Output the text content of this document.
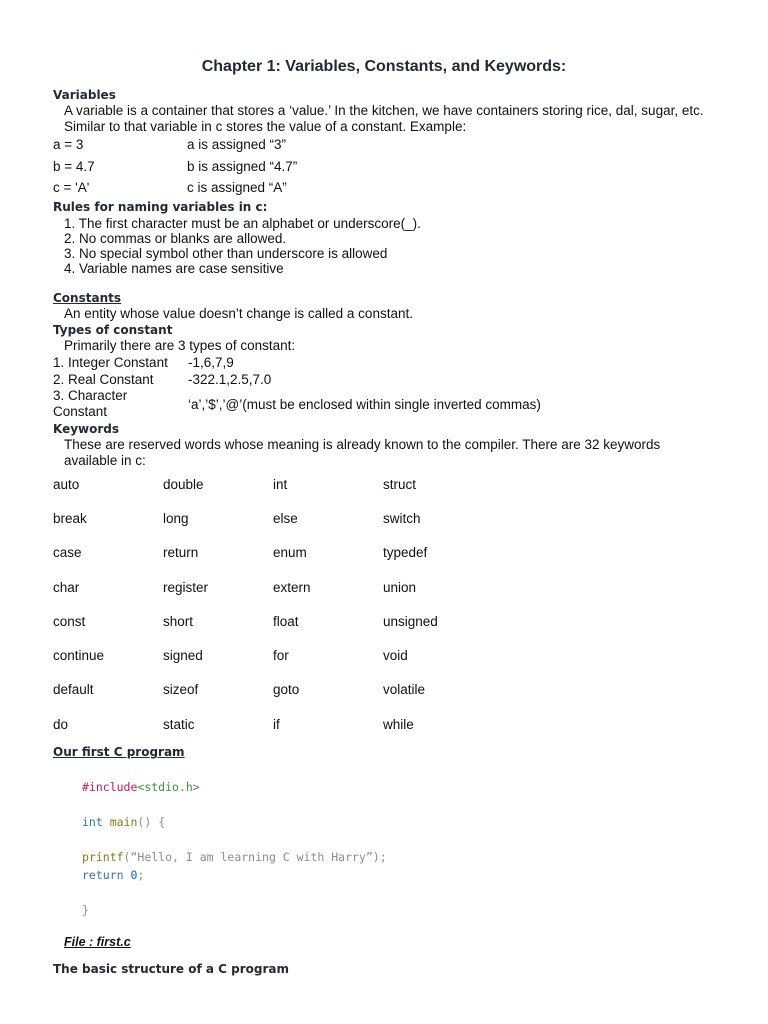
Chapter 1: Variables, Constants, and Keywords:
Variables
A variable is a container that stores a ‘value.’ In the kitchen, we have containers storing rice, dal, sugar, etc. Similar to that variable in c stores the value of a constant. Example:
a = 3	a is assigned “3”
b = 4.7	b is assigned “4.7”
c = 'A'	c is assigned “A”
Rules for naming variables in c:
1. The first character must be an alphabet or underscore(_).
2. No commas or blanks are allowed.
3. No special symbol other than underscore is allowed
4. Variable names are case sensitive
Constants
An entity whose value doesn’t change is called a constant.
Types of constant
Primarily there are 3 types of constant:
1. Integer Constant -1,6,7,9
2. Real Constant	-322.1,2.5,7.0
3. Character
Constant	‘a’,’$’,’@’(must be enclosed within single inverted commas)
Keywords
These are reserved words whose meaning is already known to the compiler. There are 32 keywords
available in c:
auto	double	int	struct
break	long	else	switch
case	return	enum	typedef
char	register	extern	union
const	short	float	unsigned
continue	signed	for	void
default	sizeof	goto	volatile
do	static	if	while
Our first C program
#include<stdio.h>
int main() {
printf(“Hello, I am learning C with Harry”);
return 0;
}
File : first.c
The basic structure of a C program
